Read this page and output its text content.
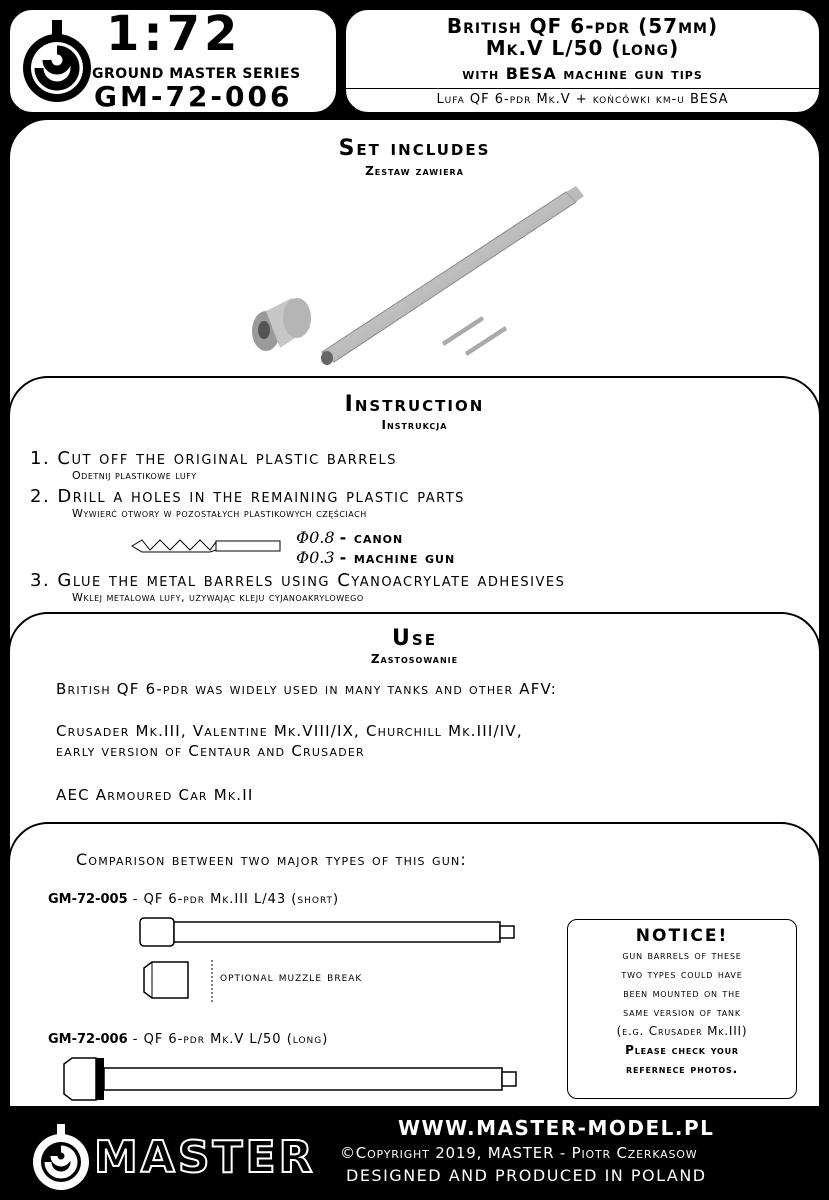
1:72
GROUND MASTER SERIES
GM-72-006
British QF 6-pdr (57mm)
Mk.V L/50 (long)
with BESA machine gun tips
Lufa QF 6-pdr Mk.V + końcówki km-u BESA
Set includes
Zestaw zawiera
Instruction
Instrukcja
1. Cut off the original plastic barrels
Odetnij plastikowe lufy
2. Drill a holes in the remaining plastic parts
Wywierć otwory w pozostałych plastikowych częściach
Φ0.8 - canon
Φ0.3 - machine gun
3. Glue the metal barrels using Cyanoacrylate adhesives
Wklej metalowa lufy, używając kleju cyjanoakrylowego
Use
Zastosowanie
British QF 6-pdr was widely used in many tanks and other AFV:
Crusader Mk.III, Valentine Mk.VIII/IX, Churchill Mk.III/IV,
early version of Centaur and Crusader
AEC Armoured Car Mk.II
Comparison between two major types of this gun:
GM-72-005 - QF 6-pdr Mk.III L/43 (short)
optional muzzle break
GM-72-006 - QF 6-pdr Mk.V L/50 (long)
NOTICE!
gun barrels of these
two types could have
been mounted on the
same version of tank
(e.g. Crusader Mk.III)
Please check your
refernece photos.
MASTER
WWW.MASTER-MODEL.PL
©Copyright 2019, MASTER - Piotr Czerkasow
DESIGNED AND PRODUCED IN POLAND
